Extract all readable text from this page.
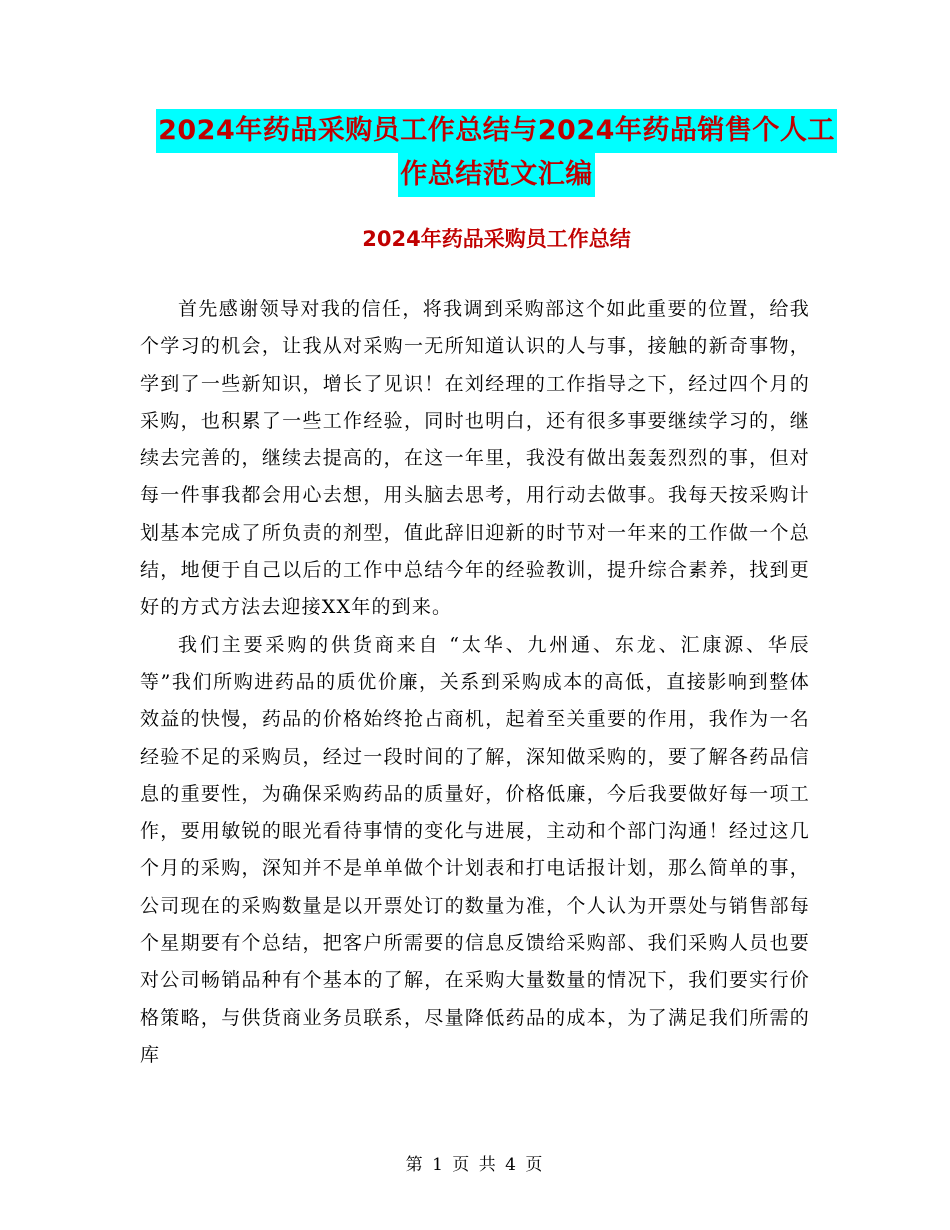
2024年药品采购员工作总结与2024年药品销售个人工
作总结范文汇编
2024年药品采购员工作总结

首先感谢领导对我的信任，将我调到采购部这个如此重要的位置，给我个学习的机会，让我从对采购一无所知道认识的人与事，接触的新奇事物，学到了一些新知识，增长了见识！在刘经理的工作指导之下，经过四个月的采购，也积累了一些工作经验，同时也明白，还有很多事要继续学习的，继续去完善的，继续去提高的，在这一年里，我没有做出轰轰烈烈的事，但对每一件事我都会用心去想，用头脑去思考，用行动去做事。我每天按采购计划基本完成了所负责的剂型，值此辞旧迎新的时节对一年来的工作做一个总结，地便于自己以后的工作中总结今年的经验教训，提升综合素养，找到更好的方式方法去迎接XX年的到来。

我们主要采购的供货商来自 “太华、九州通、东龙、汇康源、华辰等”我们所购进药品的质优价廉，关系到采购成本的高低，直接影响到整体效益的快慢，药品的价格始终抢占商机，起着至关重要的作用，我作为一名经验不足的采购员，经过一段时间的了解，深知做采购的，要了解各药品信息的重要性，为确保采购药品的质量好，价格低廉，今后我要做好每一项工作，要用敏锐的眼光看待事情的变化与进展，主动和个部门沟通！经过这几个月的采购，深知并不是单单做个计划表和打电话报计划，那么简单的事，公司现在的采购数量是以开票处订的数量为准，个人认为开票处与销售部每个星期要有个总结，把客户所需要的信息反馈给采购部、我们采购人员也要对公司畅销品种有个基本的了解，在采购大量数量的情况下，我们要实行价格策略，与供货商业务员联系，尽量降低药品的成本，为了满足我们所需的库

第 1 页 共 4 页
